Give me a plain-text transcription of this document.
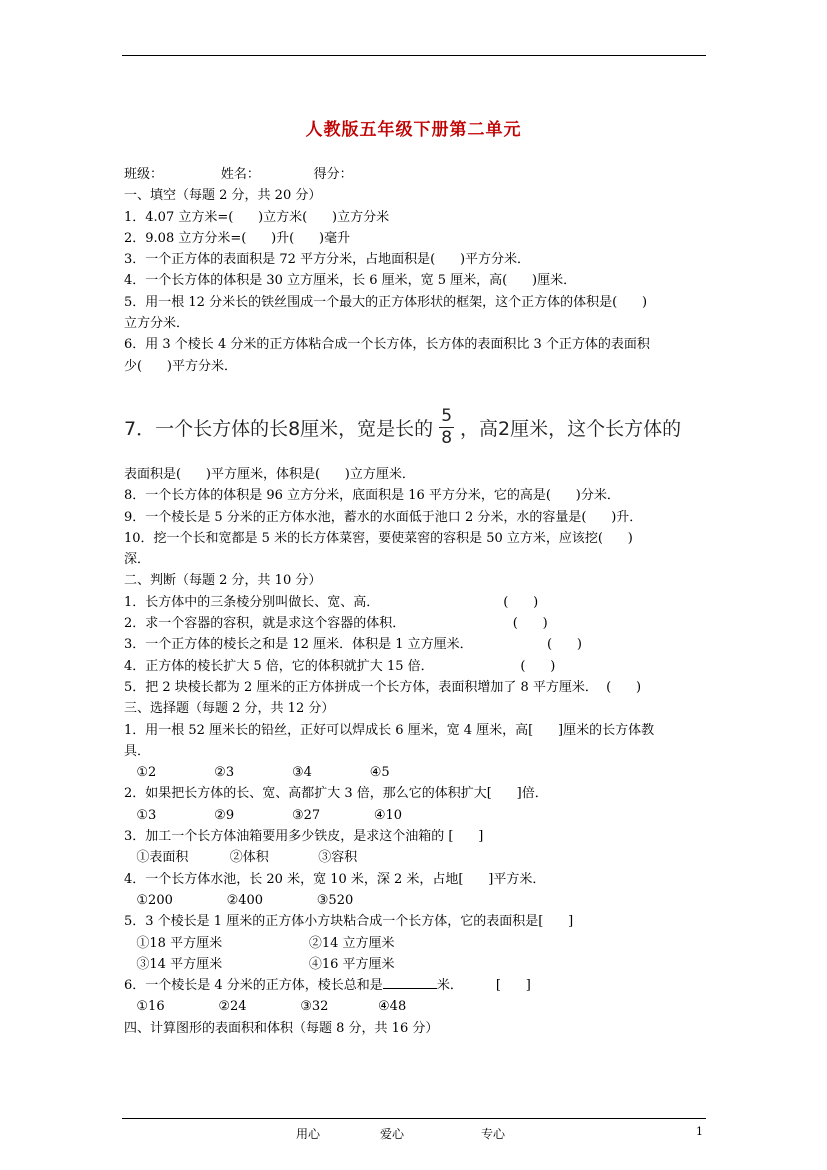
人教版五年级下册第二单元
班级：              姓名：             得分：
一、填空（每题 2 分，共 20 分）
1．4.07 立方米=(      )立方米(      )立方分米
2．9.08 立方分米=(      )升(      )毫升
3．一个正方体的表面积是 72 平方分米，占地面积是(      )平方分米．
4．一个长方体的体积是 30 立方厘米，长 6 厘米，宽 5 厘米，高(      )厘米．
5．用一根 12 分米长的铁丝围成一个最大的正方体形状的框架，这个正方体的体积是(      )
立方分米．
6．用 3 个棱长 4 分米的正方体粘合成一个长方体，长方体的表面积比 3 个正方体的表面积
少(      )平方分米．
7．一个长方体的长8厘米，宽是长的 $\frac{5}{8}$ ，高2厘米，这个长方体的
表面积是(      )平方厘米，体积是(      )立方厘米．
8．一个长方体的体积是 96 立方分米，底面积是 16 平方分米，它的高是(      )分米．
9．一个棱长是 5 分米的正方体水池，蓄水的水面低于池口 2 分米，水的容量是(      )升．
10．挖一个长和宽都是 5 米的长方体菜窖，要使菜窖的容积是 50 立方米，应该挖(      )
深．
二、判断（每题 2 分，共 10 分）
1．长方体中的三条棱分别叫做长、宽、高．                              (      )
2．求一个容器的容积，就是求这个容器的体积．                          (      )
3．一个正方体的棱长之和是 12 厘米．体积是 1 立方厘米．                  (      )
4．正方体的棱长扩大 5 倍，它的体积就扩大 15 倍．                     (      )
5．把 2 块棱长都为 2 厘米的正方体拼成一个长方体，表面积增加了 8 平方厘米．  (      )
三、选择题（每题 2 分，共 12 分）
1．用一根 52 厘米长的铅丝，正好可以焊成长 6 厘米，宽 4 厘米，高[      ]厘米的长方体教
具．
①2              ②3              ③4              ④5
2．如果把长方体的长、宽、高都扩大 3 倍，那么它的体积扩大[      ]倍．
①3              ②9              ③27             ④10
3．加工一个长方体油箱要用多少铁皮，是求这个油箱的 [      ]
①表面积          ②体积            ③容积
4．一个长方体水池，长 20 米，宽 10 米，深 2 米，占地[      ]平方米．
①200             ②400             ③520
5．3 个棱长是 1 厘米的正方体小方块粘合成一个长方体，它的表面积是[      ]
①18 平方厘米                     ②14 立方厘米
③14 平方厘米                     ④16 平方厘米
6．一个棱长是 4 分米的正方体，棱长总和是	米．        [      ]
①16             ②24             ③32            ④48
四、计算图形的表面积和体积（每题 8 分，共 16 分）
用心	爱心	专心	1
